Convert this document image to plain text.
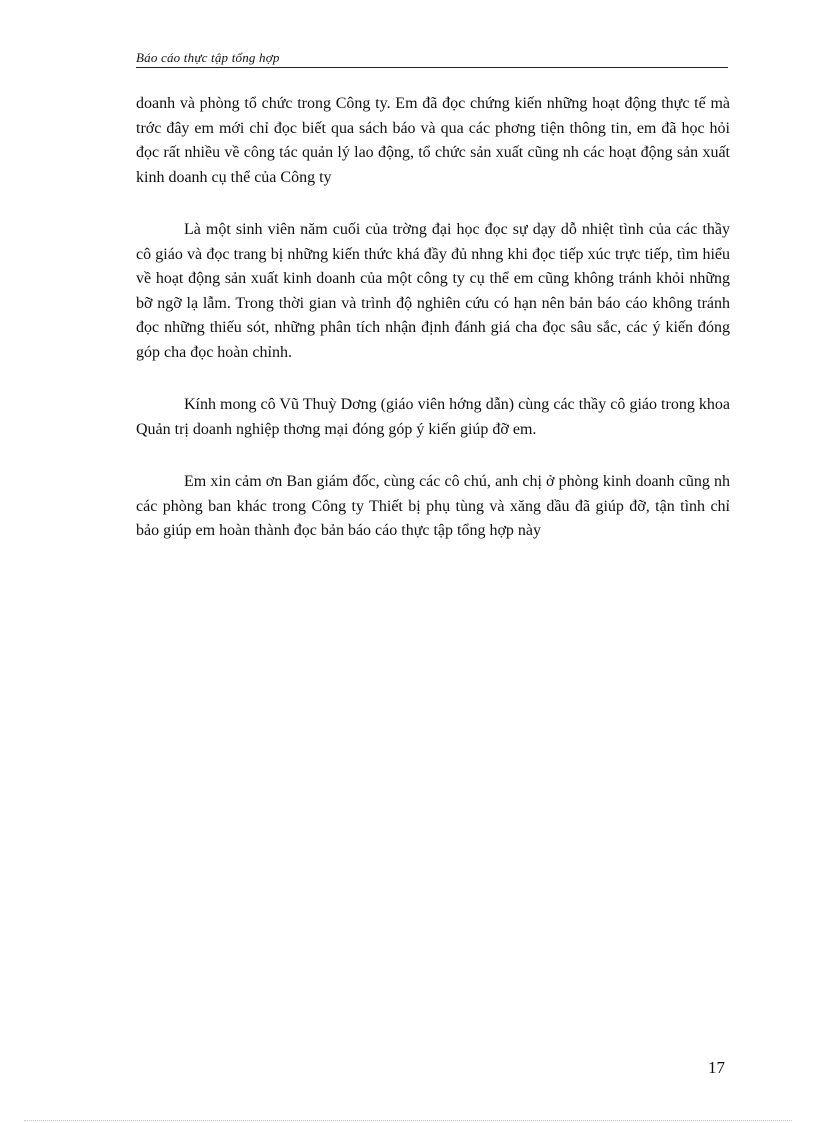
Báo cáo thực tập tổng hợp

doanh và phòng tổ chức trong Công ty. Em đã đọc chứng kiến những hoạt động thực tế mà trớc đây em mới chỉ đọc biết qua sách báo và qua các phơng tiện thông tin, em đã học hỏi đọc rất nhiều về công tác quản lý lao động, tổ chức sản xuất cũng nh các hoạt động sản xuất kinh doanh cụ thể của Công ty

Là một sinh viên năm cuối của trờng đại học đọc sự dạy dỗ nhiệt tình của các thầy cô giáo và đọc trang bị những kiến thức khá đầy đủ nhng khi đọc tiếp xúc trực tiếp, tìm hiểu về hoạt động sản xuất kinh doanh của một công ty cụ thể em cũng không tránh khỏi những bỡ ngỡ lạ lẫm. Trong thời gian và trình độ nghiên cứu có hạn nên bản báo cáo không tránh đọc những thiếu sót, những phân tích nhận định đánh giá cha đọc sâu sắc, các ý kiến đóng góp cha đọc hoàn chỉnh.

Kính mong cô Vũ Thuỳ Dơng (giáo viên hớng dẫn) cùng các thầy cô giáo trong khoa Quản trị doanh nghiệp thơng mại đóng góp ý kiến giúp đỡ em.

Em xin cảm ơn Ban giám đốc, cùng các cô chú, anh chị ở phòng kinh doanh cũng nh các phòng ban khác trong Công ty Thiết bị phụ tùng và xăng dầu đã giúp đỡ, tận tình chỉ bảo giúp em hoàn thành đọc bản báo cáo thực tập tổng hợp này

17
